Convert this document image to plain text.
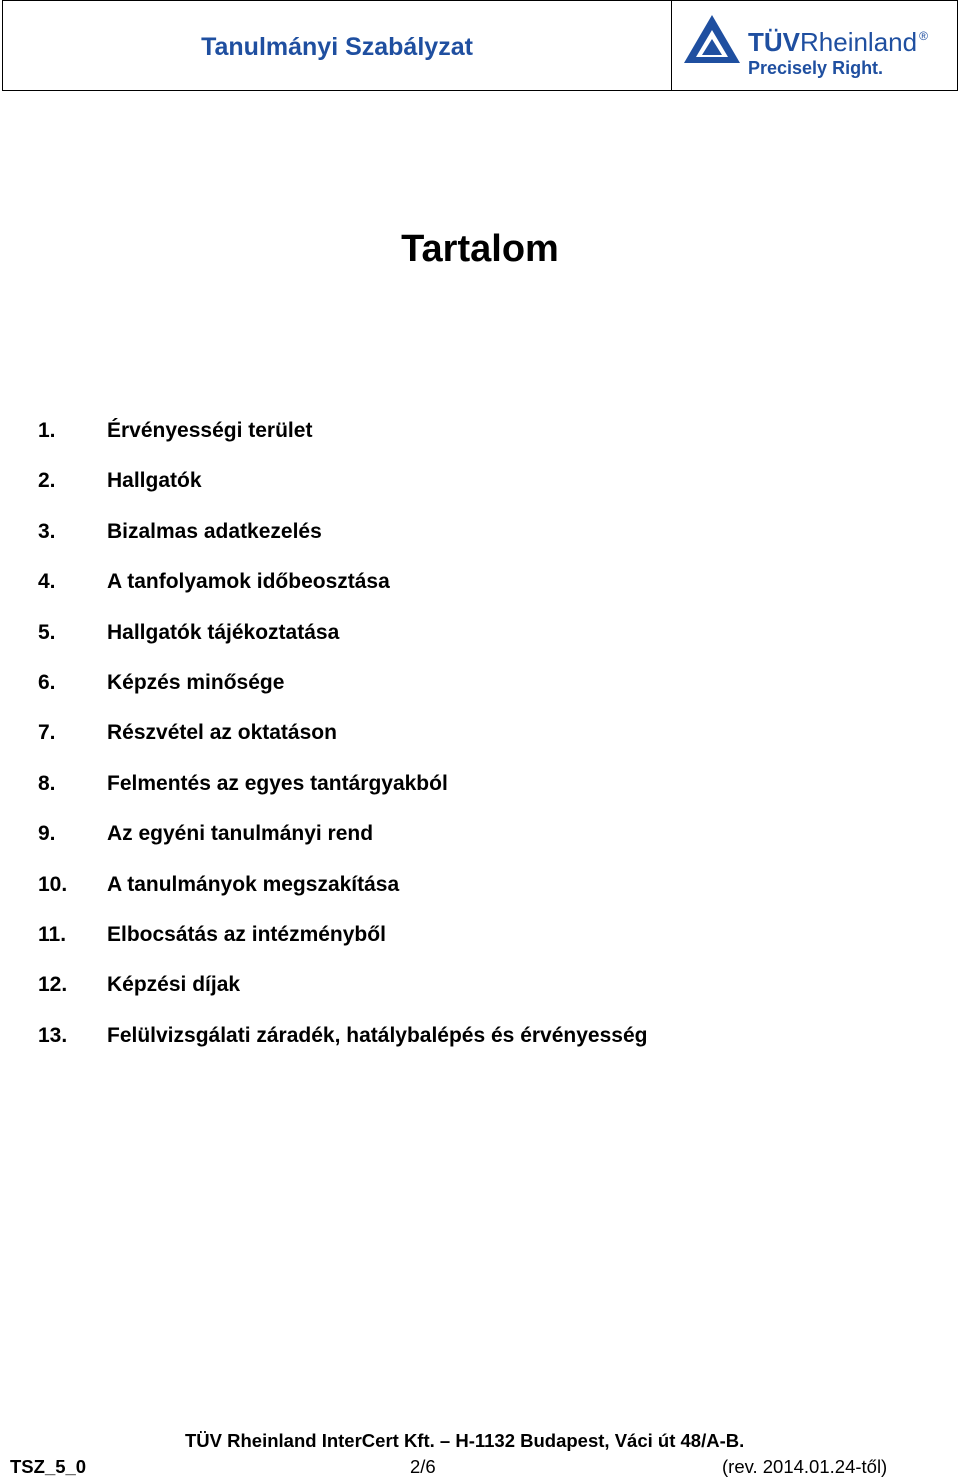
Tanulmányi Szabályzat	TÜVRheinland ®
Precisely Right.
Tartalom
1.	Érvényességi terület
2.	Hallgatók
3.	Bizalmas adatkezelés
4.	A tanfolyamok időbeosztása
5.	Hallgatók tájékoztatása
6.	Képzés minősége
7.	Részvétel az oktatáson
8.	Felmentés az egyes tantárgyakból
9.	Az egyéni tanulmányi rend
10.	A tanulmányok megszakítása
11.	Elbocsátás az intézményből
12.	Képzési díjak
13.	Felülvizsgálati záradék, hatálybalépés és érvényesség
TÜV Rheinland InterCert Kft. – H-1132 Budapest, Váci út 48/A-B.
TSZ_5_0	2/6	(rev. 2014.01.24-től)
